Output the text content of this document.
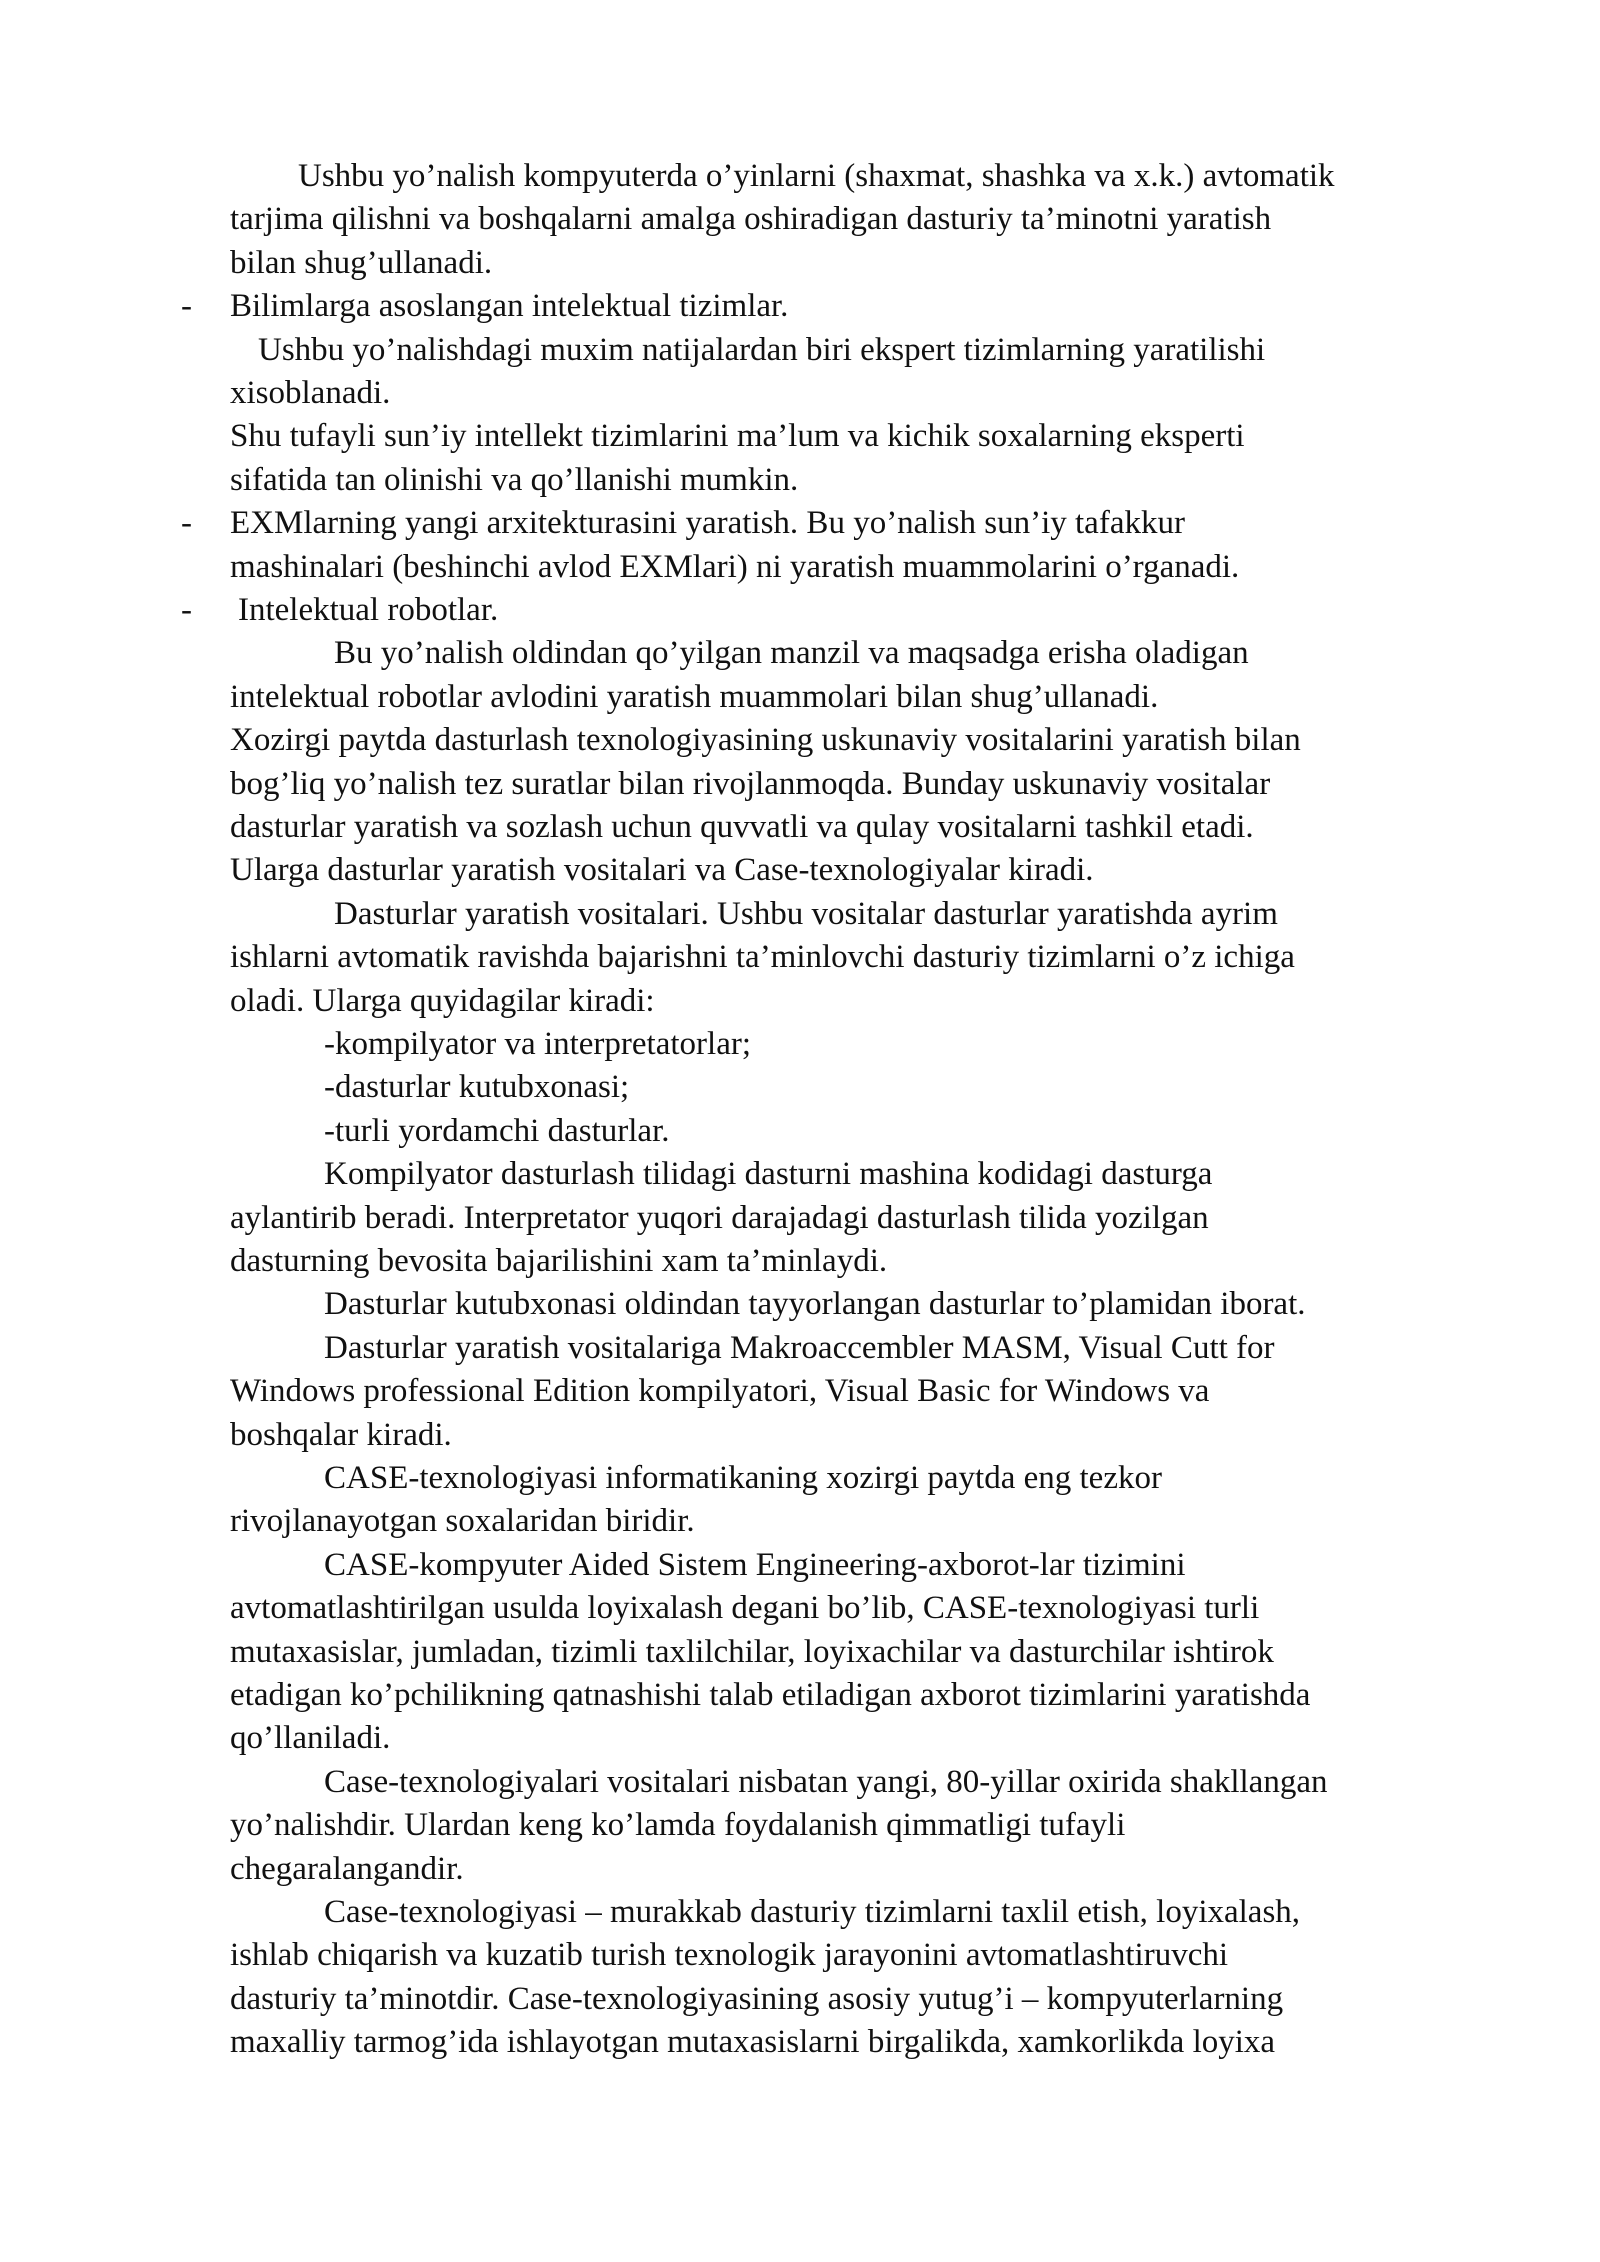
Ushbu yo’nalish kompyuterda o’yinlarni (shaxmat, shashka va x.k.) avtomatik
tarjima qilishni va boshqalarni amalga oshiradigan dasturiy ta’minotni yaratish
bilan shug’ullanadi.
- Bilimlarga asoslangan intelektual tizimlar.
Ushbu yo’nalishdagi muxim natijalardan biri ekspert tizimlarning yaratilishi
xisoblanadi.
Shu tufayli sun’iy intellekt tizimlarini ma’lum va kichik soxalarning eksperti
sifatida tan olinishi va qo’llanishi mumkin.
- EXMlarning yangi arxitekturasini yaratish. Bu yo’nalish sun’iy tafakkur
mashinalari (beshinchi avlod EXMlari) ni yaratish muammolarini o’rganadi.
- Intelektual robotlar.
Bu yo’nalish oldindan qo’yilgan manzil va maqsadga erisha oladigan
intelektual robotlar avlodini yaratish muammolari bilan shug’ullanadi.
Xozirgi paytda dasturlash texnologiyasining uskunaviy vositalarini yaratish bilan
bog’liq yo’nalish tez suratlar bilan rivojlanmoqda. Bunday uskunaviy vositalar
dasturlar yaratish va sozlash uchun quvvatli va qulay vositalarni tashkil etadi.
Ularga dasturlar yaratish vositalari va Case-texnologiyalar kiradi.
Dasturlar yaratish vositalari. Ushbu vositalar dasturlar yaratishda ayrim
ishlarni avtomatik ravishda bajarishni ta’minlovchi dasturiy tizimlarni o’z ichiga
oladi. Ularga quyidagilar kiradi:
-kompilyator va interpretatorlar;
-dasturlar kutubxonasi;
-turli yordamchi dasturlar.
Kompilyator dasturlash tilidagi dasturni mashina kodidagi dasturga
aylantirib beradi. Interpretator yuqori darajadagi dasturlash tilida yozilgan
dasturning bevosita bajarilishini xam ta’minlaydi.
Dasturlar kutubxonasi oldindan tayyorlangan dasturlar to’plamidan iborat.
Dasturlar yaratish vositalariga Makroaccembler MASM, Visual Cutt for
Windows professional Edition kompilyatori, Visual Basic for Windows va
boshqalar kiradi.
CASE-texnologiyasi informatikaning xozirgi paytda eng tezkor
rivojlanayotgan soxalaridan biridir.
CASE-kompyuter Aided Sistem Engineering-axborot-lar tizimini
avtomatlashtirilgan usulda loyixalash degani bo’lib, CASE-texnologiyasi turli
mutaxasislar, jumladan, tizimli taxlilchilar, loyixachilar va dasturchilar ishtirok
etadigan ko’pchilikning qatnashishi talab etiladigan axborot tizimlarini yaratishda
qo’llaniladi.
Case-texnologiyalari vositalari nisbatan yangi, 80-yillar oxirida shakllangan
yo’nalishdir. Ulardan keng ko’lamda foydalanish qimmatligi tufayli
chegaralangandir.
Case-texnologiyasi – murakkab dasturiy tizimlarni taxlil etish, loyixalash,
ishlab chiqarish va kuzatib turish texnologik jarayonini avtomatlashtiruvchi
dasturiy ta’minotdir. Case-texnologiyasining asosiy yutug’i – kompyuterlarning
maxalliy tarmog’ida ishlayotgan mutaxasislarni birgalikda, xamkorlikda loyixa
